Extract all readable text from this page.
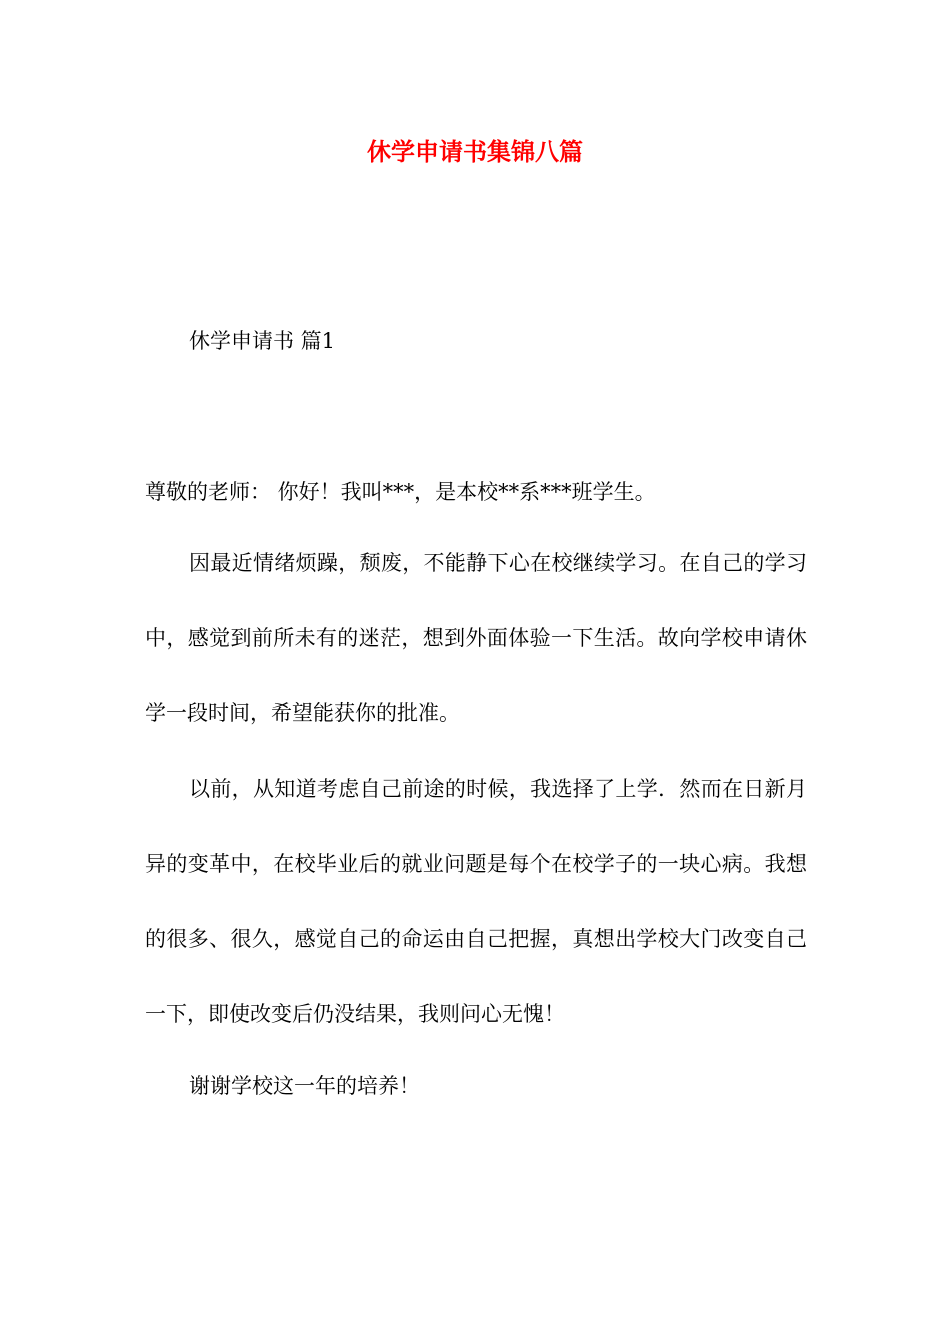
休学申请书集锦八篇

休学申请书 篇1

尊敬的老师： 你好！我叫***，是本校**系***班学生。

因最近情绪烦躁，颓废，不能静下心在校继续学习。在自己的学习中，感觉到前所未有的迷茫，想到外面体验一下生活。故向学校申请休学一段时间，希望能获你的批准。

以前，从知道考虑自己前途的时候，我选择了上学．然而在日新月异的变革中，在校毕业后的就业问题是每个在校学子的一块心病。我想的很多、很久，感觉自己的命运由自己把握，真想出学校大门改变自己一下，即使改变后仍没结果，我则问心无愧！

谢谢学校这一年的培养！
